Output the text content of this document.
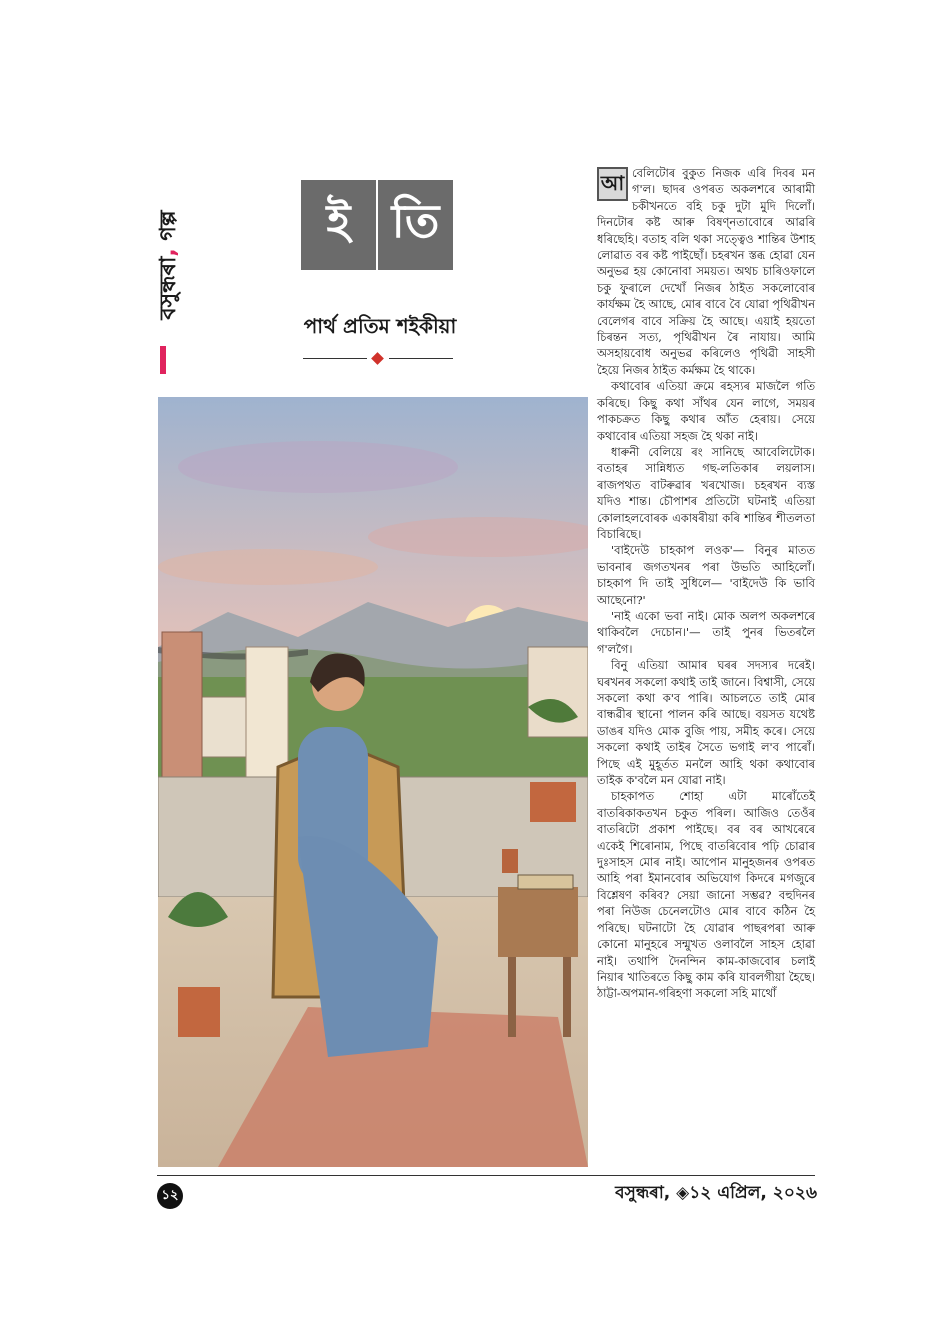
বসুন্ধৰা, গল্প	ই তি
পাৰ্থ প্ৰতিম শইকীয়া

আ বেলিটোৰ বুকুত নিজক এৰি দিবৰ মন গ'ল। ছাদৰ ওপৰত অকলশৰে আৰামী চকীখনতে বহি চকু দুটা মুদি দিলোঁ। দিনটোৰ কষ্ট আৰু বিষণ্নতাবোৰে আৱৰি ধৰিছেহি। বতাহ বলি থকা সত্ত্বেও শান্তিৰ উশাহ লোৱাত বৰ কষ্ট পাইছোঁ। চহৰখন স্তব্ধ হোৱা যেন অনুভৱ হয় কোনোবা সময়ত। অথচ চাৰিওফালে চকু ফুৰালে দেখোঁ নিজৰ ঠাইত সকলোবোৰ কাৰ্যক্ষম হৈ আছে, মোৰ বাবে বৈ যোৱা পৃথিৱীখন বেলেগৰ বাবে সক্ৰিয় হৈ আছে। এয়াই হয়তো চিৰন্তন সত্য, পৃথিৱীখন ৰৈ নাযায়। আমি অসহায়বোধ অনুভৱ কৰিলেও পৃথিৱী সাহসী হৈয়ে নিজৰ ঠাইত কৰ্মক্ষম হৈ থাকে।

কথাবোৰ এতিয়া ক্ৰমে ৰহস্যৰ মাজলৈ গতি কৰিছে। কিছু কথা সাঁথৰ যেন লাগে, সময়ৰ পাকচক্ৰত কিছু কথাৰ আঁত হেৰায়। সেয়ে কথাবোৰ এতিয়া সহজ হৈ থকা নাই।

ধাৰুনী বেলিয়ে ৰং সানিছে আবেলিটোক। বতাহৰ সান্নিধ্যত গছ-লতিকাৰ লয়লাস। ৰাজপথত বাটৰুৱাৰ খৰখোজ। চহৰখন ব্যস্ত যদিও শান্ত। চৌপাশৰ প্ৰতিটো ঘটনাই এতিয়া কোলাহলবোৰক একাষৰীয়া কৰি শান্তিৰ শীতলতা বিচাৰিছে।

'বাইদেউ চাহকাপ লওক'— বিনুৰ মাতত ভাবনাৰ জগতখনৰ পৰা উভতি আহিলোঁ। চাহকাপ দি তাই সুধিলে— 'বাইদেউ কি ভাবি আছেনো?'

'নাই একো ভবা নাই। মোক অলপ অকলশৰে থাকিবলৈ দেচোন।'— তাই পুনৰ ভিতৰলৈ গ'লগৈ।

বিনু এতিয়া আমাৰ ঘৰৰ সদস্যৰ দৰেই। ঘৰখনৰ সকলো কথাই তাই জানে। বিশ্বাসী, সেয়ে সকলো কথা ক'ব পাৰি। আচলতে তাই মোৰ বান্ধৱীৰ স্থানো পালন কৰি আছে। বয়সত যথেষ্ট ডাঙৰ যদিও মোক বুজি পায়, সমীহ কৰে। সেয়ে সকলো কথাই তাইৰ সৈতে ভগাই ল'ব পাৰোঁ। পিছে এই মুহূৰ্তত মনলৈ আহি থকা কথাবোৰ তাইক ক'বলৈ মন যোৱা নাই।

চাহকাপত শোহা এটা মাৰোঁতেই বাতৰিকাকতখন চকুত পৰিল। আজিও তেওঁৰ বাতৰিটো প্ৰকাশ পাইছে। বৰ বৰ আখৰেৰে একেই শিৰোনাম, পিছে বাতৰিবোৰ পঢ়ি চোৱাৰ দুঃসাহস মোৰ নাই। আপোন মানুহজনৰ ওপৰত আহি পৰা ইমানবোৰ অভিযোগ কিদৰে মগজুৰে বিশ্লেষণ কৰিব? সেয়া জানো সম্ভৱ? বহুদিনৰ পৰা নিউজ চেনেলটোও মোৰ বাবে কঠিন হৈ পৰিছে। ঘটনাটো হৈ যোৱাৰ পাছৰপৰা আৰু কোনো মানুহৰে সন্মুখত ওলাবলৈ সাহস হোৱা নাই। তথাপি দৈনন্দিন কাম-কাজবোৰ চলাই নিয়াৰ খাতিৰতে কিছু কাম কৰি যাবলগীয়া হৈছে। ঠাট্টা-অপমান-গৰিহণা সকলো সহি মাথোঁ

১২	বসুন্ধৰা, ◈১২ এপ্ৰিল, ২০২৬
